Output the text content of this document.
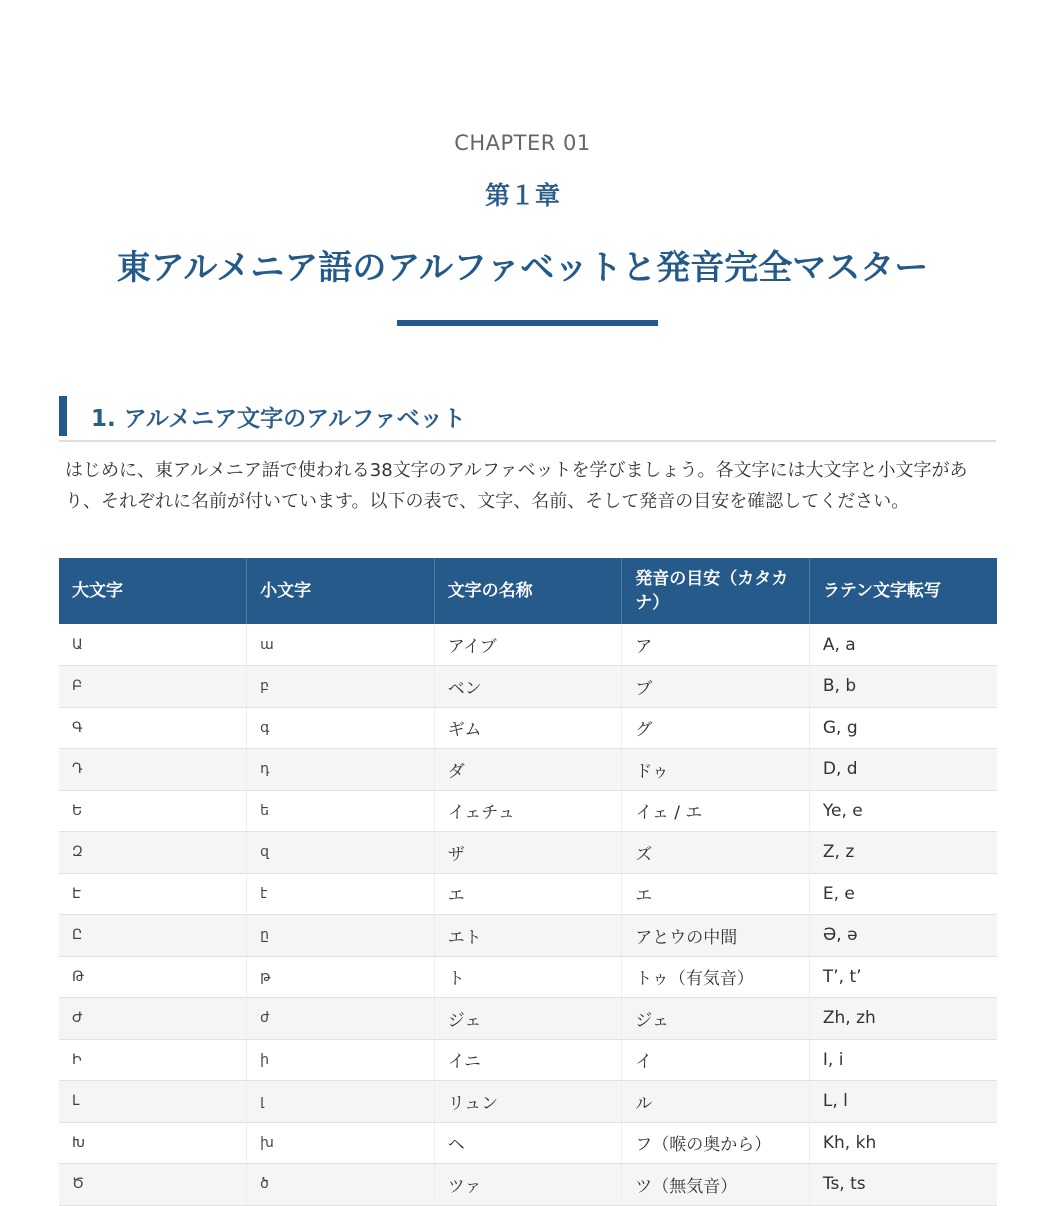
CHAPTER 01
第１章
東アルメニア語のアルファベットと発音完全マスター
1. アルメニア文字のアルファベット

はじめに、東アルメニア語で使われる38文字のアルファベットを学びましょう。各文字には大文字と小文字があり、それぞれに名前が付いています。以下の表で、文字、名前、そして発音の目安を確認してください。

大文字	小文字	文字の名称	発音の目安（カタカナ）	ラテン文字転写
Ա	ա	アイブ	ア	A, a
Բ	բ	ベン	ブ	B, b
Գ	գ	ギム	グ	G, g
Դ	դ	ダ	ドゥ	D, d
Ե	ե	イェチュ	イェ / エ	Ye, e
Զ	զ	ザ	ズ	Z, z
Է	է	エ	エ	E, e
Ը	ը	エト	アとウの中間	Ə, ə
Թ	թ	ト	トゥ（有気音）	T’, t’
Ժ	ժ	ジェ	ジェ	Zh, zh
Ի	ի	イニ	イ	I, i
Լ	լ	リュン	ル	L, l
Խ	խ	ヘ	フ（喉の奥から）	Kh, kh
Ծ	ծ	ツァ	ツ（無気音）	Ts, ts
